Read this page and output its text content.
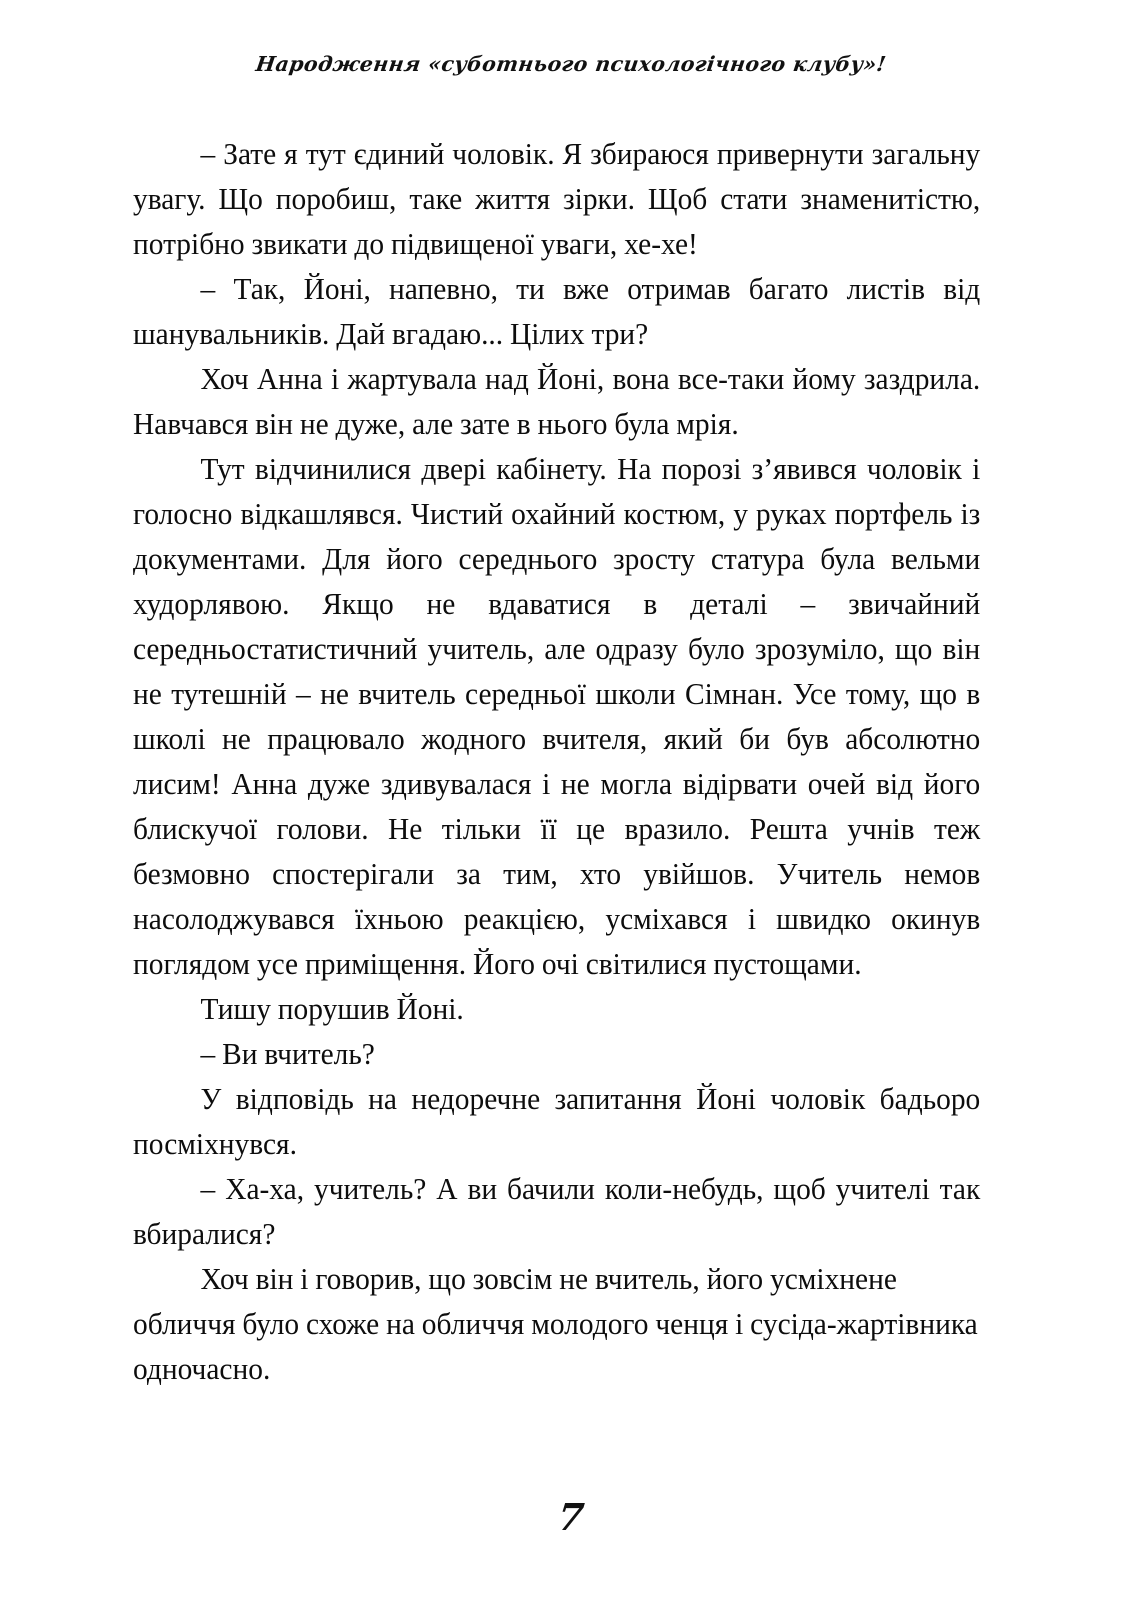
Народження «суботнього психологічного клубу»!

– Зате я тут єдиний чоловік. Я збираюся привернути загальну увагу. Що поробиш, таке життя зірки. Щоб стати знаменитістю, потрібно звикати до підвищеної уваги, хе-хе!

– Так, Йоні, напевно, ти вже отримав багато листів від шанувальників. Дай вгадаю... Цілих три?

Хоч Анна і жартувала над Йоні, вона все-таки йому заздрила. Навчався він не дуже, але зате в нього була мрія.

Тут відчинилися двері кабінету. На порозі з’явився чоловік і голосно відкашлявся. Чистий охайний костюм, у руках портфель із документами. Для його середнього зросту статура була вельми худорлявою. Якщо не вдаватися в деталі – звичайний середньостатистичний учитель, але одразу було зрозуміло, що він не тутешній – не вчитель середньої школи Сімнан. Усе тому, що в школі не працювало жодного вчителя, який би був абсолютно лисим! Анна дуже здивувалася і не могла відірвати очей від його блискучої голови. Не тільки її це вразило. Решта учнів теж безмовно спостерігали за тим, хто увійшов. Учитель немов насолоджувався їхньою реакцією, усміхався і швидко окинув поглядом усе приміщення. Його очі світилися пустощами.

Тишу порушив Йоні.

– Ви вчитель?

У відповідь на недоречне запитання Йоні чоловік бадьоро посміхнувся.

– Ха-ха, учитель? А ви бачили коли-небудь, щоб учителі так вбиралися?

Хоч він і говорив, що зовсім не вчитель, його усміхнене обличчя було схоже на обличчя молодого ченця і сусіда-жартівника одночасно.

7
